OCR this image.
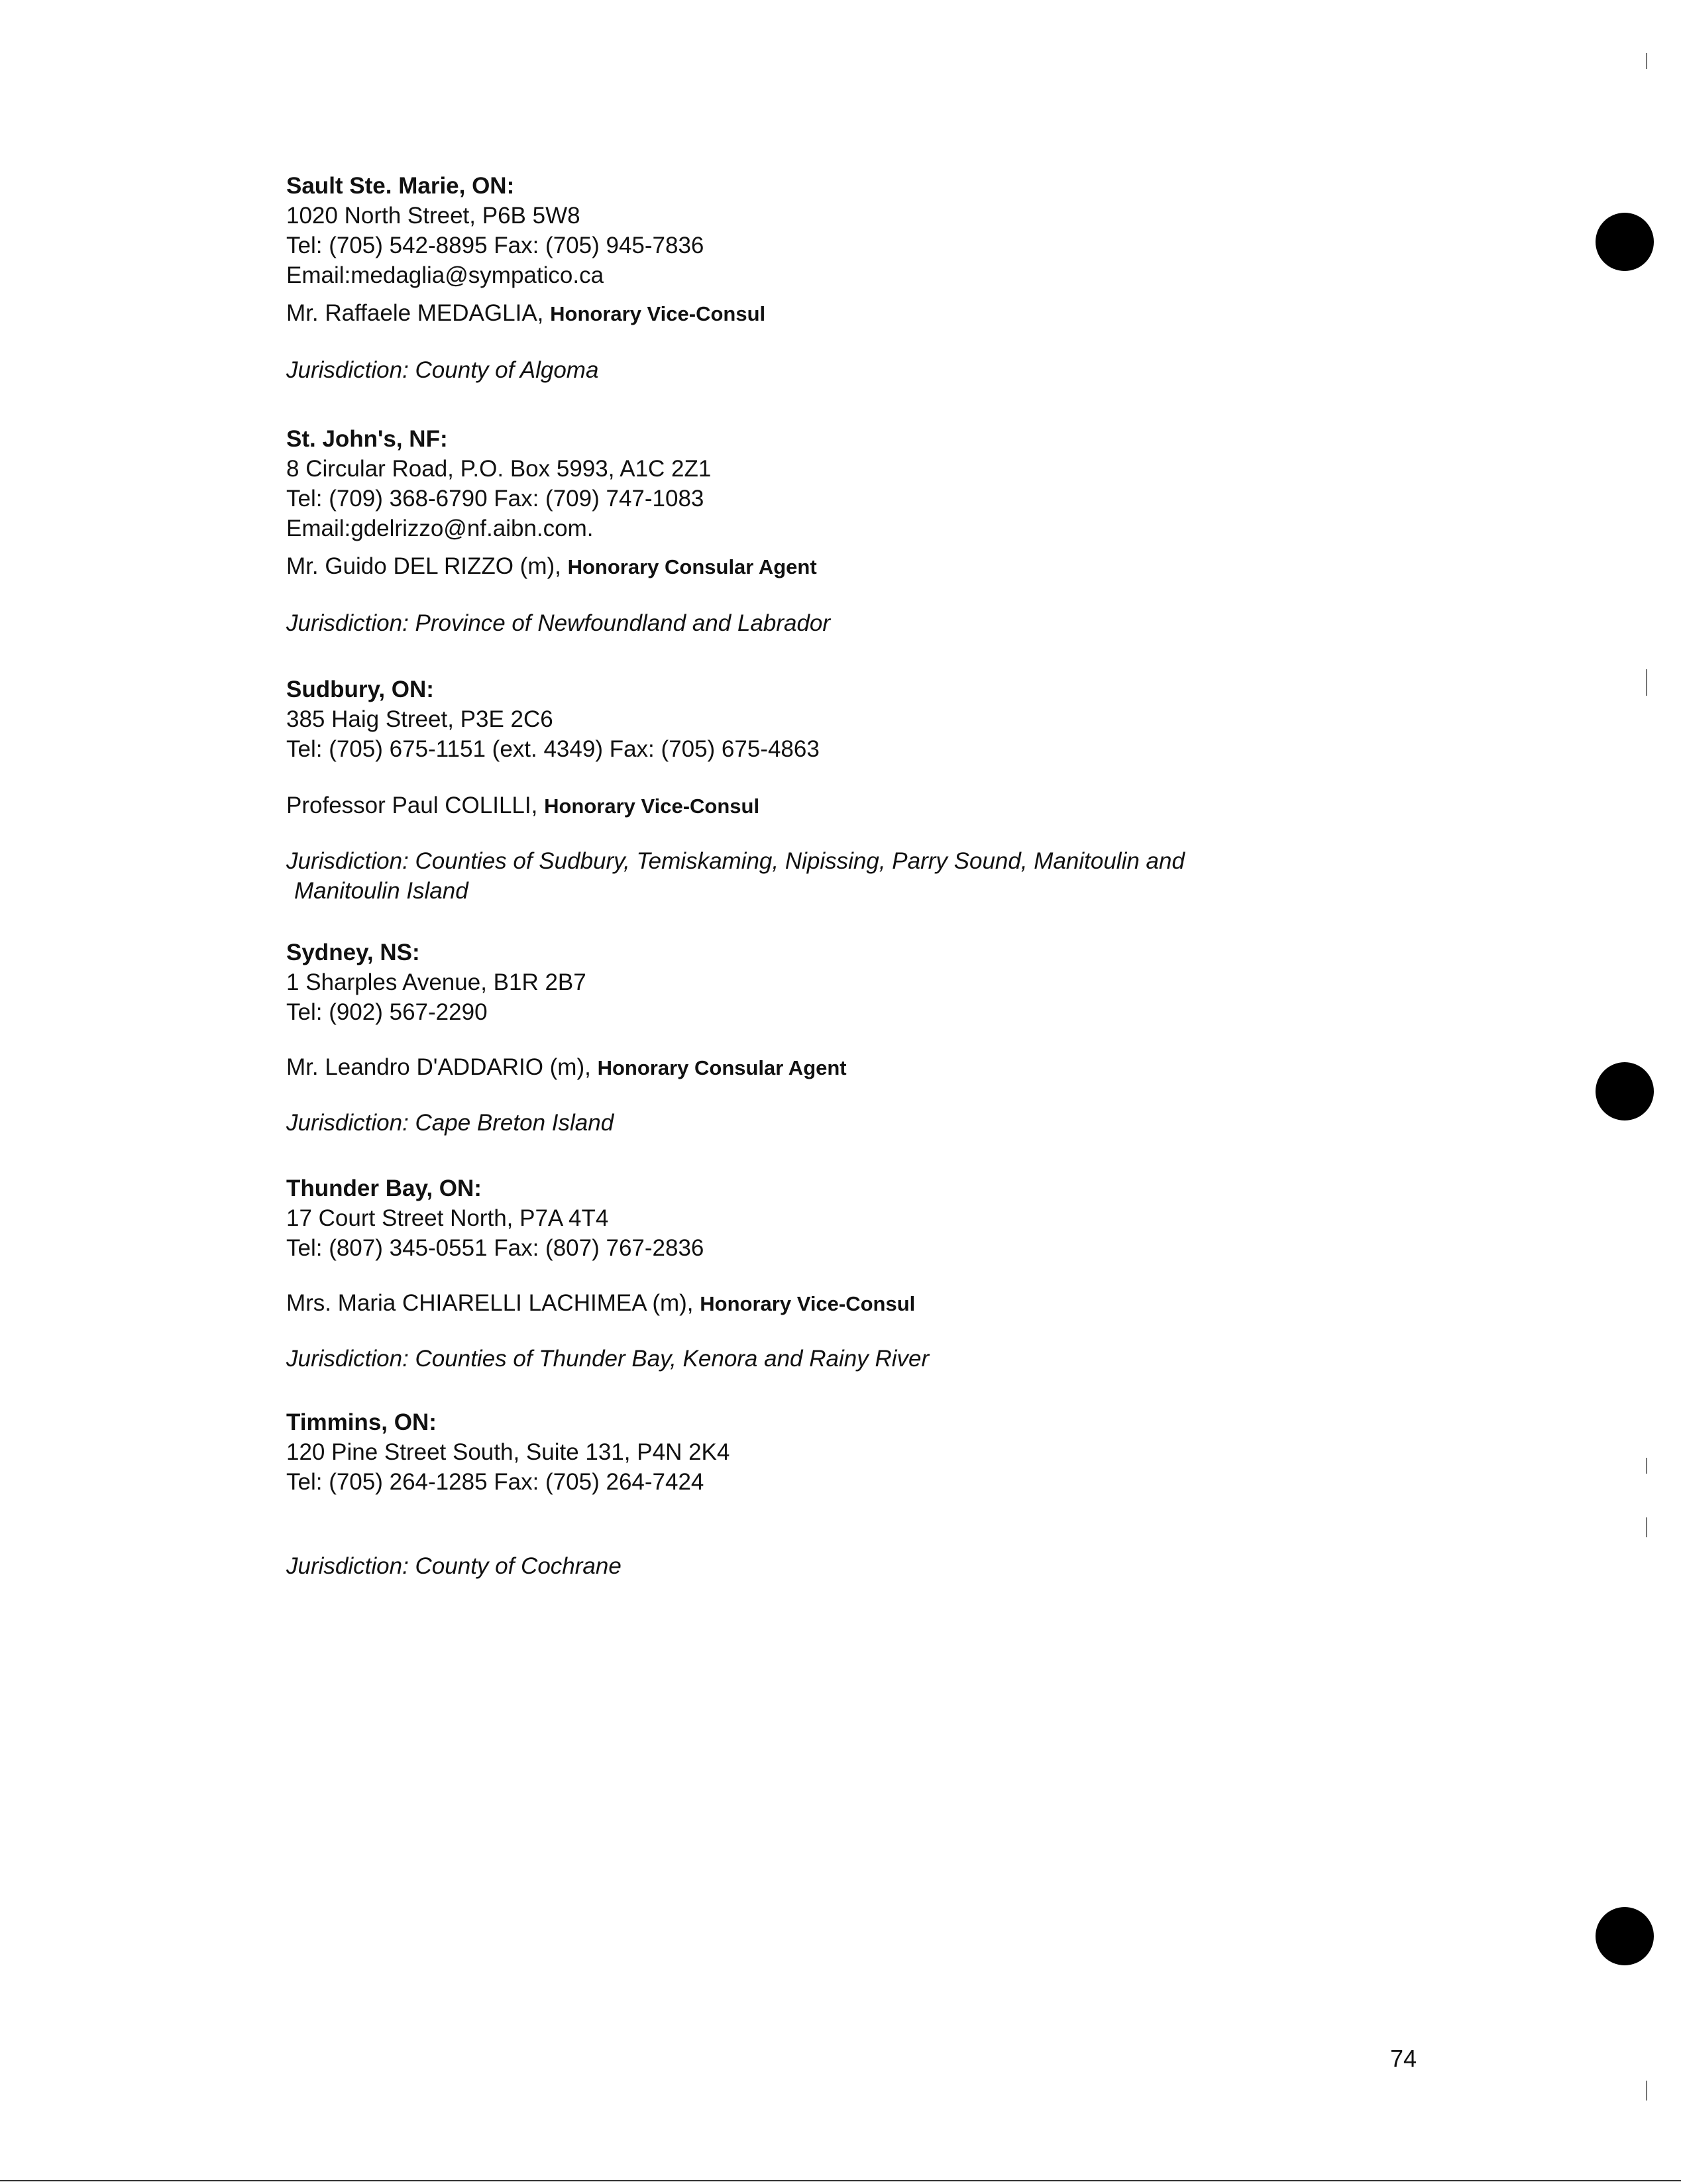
Sault Ste. Marie, ON:
1020 North Street, P6B 5W8
Tel: (705) 542-8895 Fax: (705) 945-7836
Email:medaglia@sympatico.ca
Mr. Raffaele MEDAGLIA, Honorary Vice-Consul
Jurisdiction: County of Algoma
St. John's, NF:
8 Circular Road, P.O. Box 5993, A1C 2Z1
Tel: (709) 368-6790 Fax: (709) 747-1083
Email:gdelrizzo@nf.aibn.com.
Mr. Guido DEL RIZZO (m), Honorary Consular Agent
Jurisdiction: Province of Newfoundland and Labrador
Sudbury, ON:
385 Haig Street, P3E 2C6
Tel: (705) 675-1151 (ext. 4349) Fax: (705) 675-4863
Professor Paul COLILLI, Honorary Vice-Consul
Jurisdiction: Counties of Sudbury, Temiskaming, Nipissing, Parry Sound, Manitoulin and
Manitoulin Island
Sydney, NS:
1 Sharples Avenue, B1R 2B7
Tel: (902) 567-2290
Mr. Leandro D'ADDARIO (m), Honorary Consular Agent
Jurisdiction: Cape Breton Island
Thunder Bay, ON:
17 Court Street North, P7A 4T4
Tel: (807) 345-0551 Fax: (807) 767-2836
Mrs. Maria CHIARELLI LACHIMEA (m), Honorary Vice-Consul
Jurisdiction: Counties of Thunder Bay, Kenora and Rainy River
Timmins, ON:
120 Pine Street South, Suite 131, P4N 2K4
Tel: (705) 264-1285 Fax: (705) 264-7424
Jurisdiction: County of Cochrane
74
